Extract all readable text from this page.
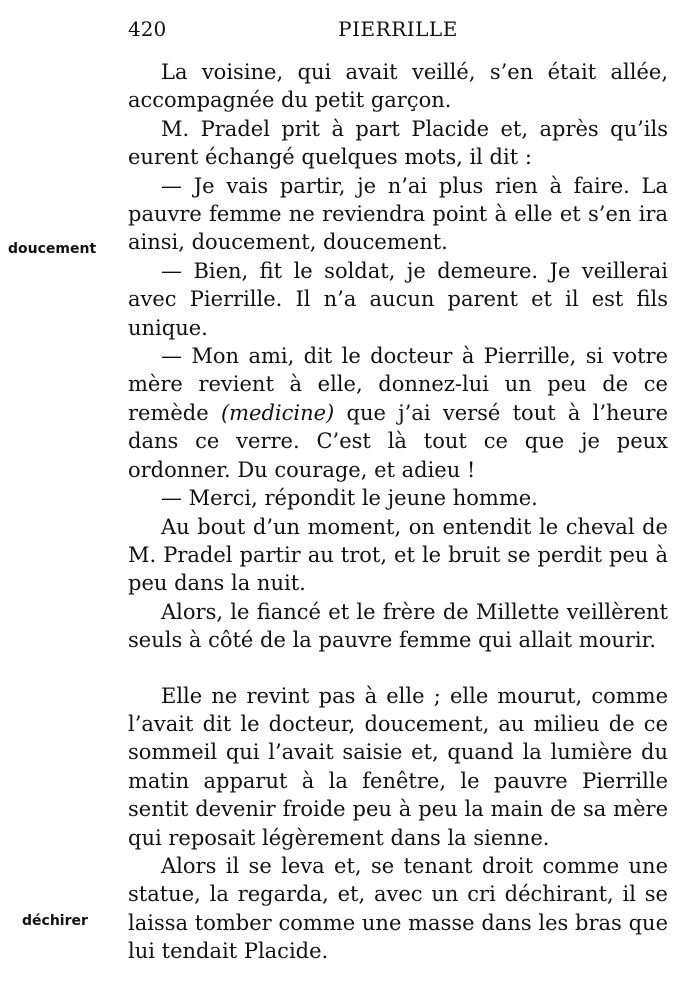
420	PIERRILLE
doucement
déchirer

La voisine, qui avait veillé, s’en était allée, accompagnée du petit garçon.

M. Pradel prit à part Placide et, après qu’ils eurent échangé quelques mots, il dit :

— Je vais partir, je n’ai plus rien à faire. La pauvre femme ne reviendra point à elle et s’en ira ainsi, doucement, doucement.

— Bien, fit le soldat, je demeure. Je veillerai avec Pierrille. Il n’a aucun parent et il est fils unique.

— Mon ami, dit le docteur à Pierrille, si votre mère revient à elle, donnez-lui un peu de ce remède (medicine) que j’ai versé tout à l’heure dans ce verre. C’est là tout ce que je peux ordonner. Du courage, et adieu !

— Merci, répondit le jeune homme.

Au bout d’un moment, on entendit le cheval de M. Pradel partir au trot, et le bruit se perdit peu à peu dans la nuit.

Alors, le fiancé et le frère de Millette veillèrent seuls à côté de la pauvre femme qui allait mourir.

Elle ne revint pas à elle ; elle mourut, comme l’avait dit le docteur, doucement, au milieu de ce sommeil qui l’avait saisie et, quand la lumière du matin apparut à la fenêtre, le pauvre Pierrille sentit devenir froide peu à peu la main de sa mère qui reposait légèrement dans la sienne.

Alors il se leva et, se tenant droit comme une statue, la regarda, et, avec un cri déchirant, il se laissa tomber comme une masse dans les bras que lui tendait Placide.
